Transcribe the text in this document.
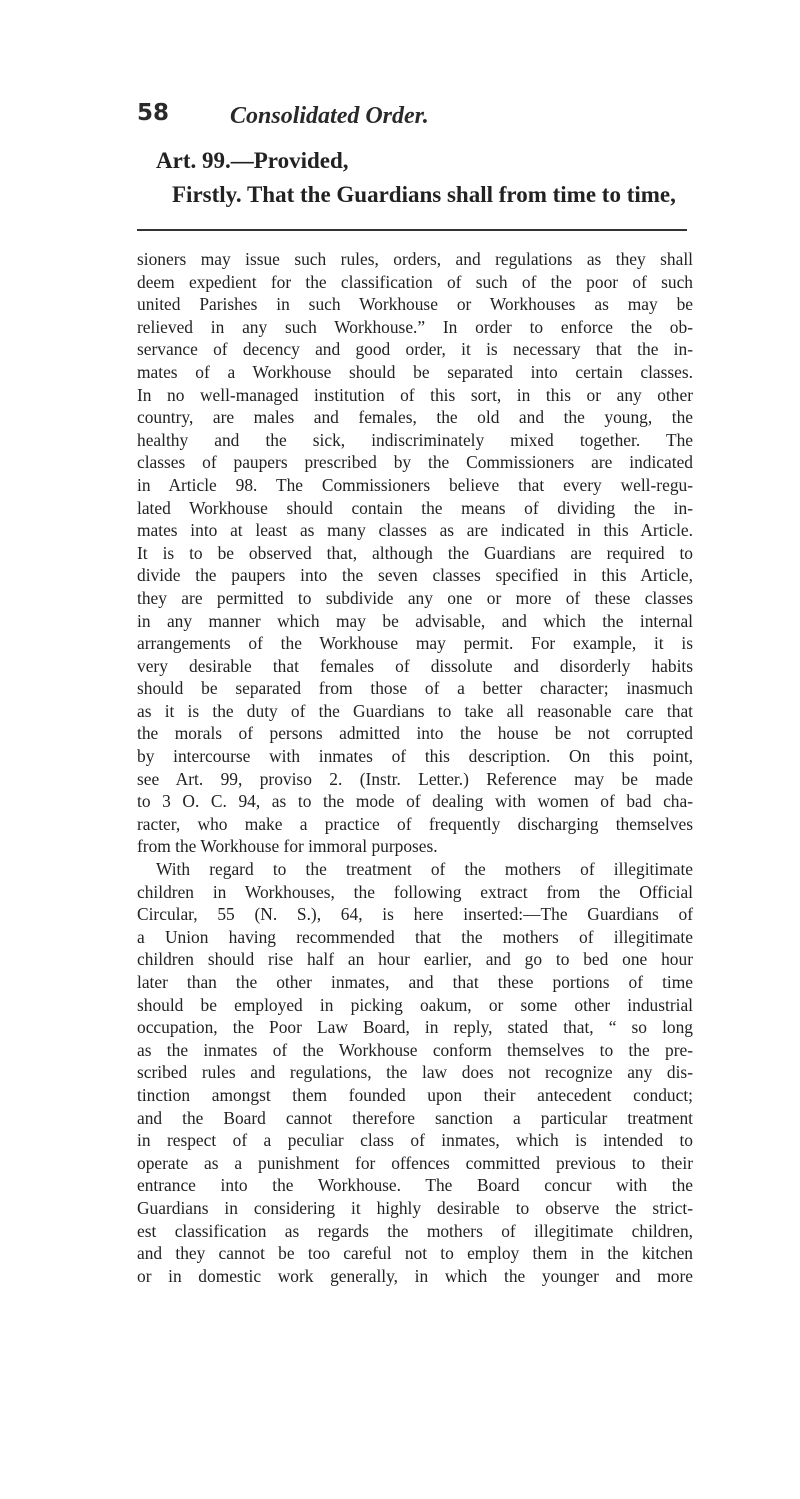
58	Consolidated Order.
Art. 99.—Provided,
Firstly. That the Guardians shall from time to time,
sioners may issue such rules, orders, and regulations as they shall
deem expedient for the classification of such of the poor of such
united Parishes in such Workhouse or Workhouses as may be
relieved in any such Workhouse.” In order to enforce the ob-
servance of decency and good order, it is necessary that the in-
mates of a Workhouse should be separated into certain classes.
In no well-managed institution of this sort, in this or any other
country, are males and females, the old and the young, the
healthy and the sick, indiscriminately mixed together. The
classes of paupers prescribed by the Commissioners are indicated
in Article 98. The Commissioners believe that every well-regu-
lated Workhouse should contain the means of dividing the in-
mates into at least as many classes as are indicated in this Article.
It is to be observed that, although the Guardians are required to
divide the paupers into the seven classes specified in this Article,
they are permitted to subdivide any one or more of these classes
in any manner which may be advisable, and which the internal
arrangements of the Workhouse may permit. For example, it is
very desirable that females of dissolute and disorderly habits
should be separated from those of a better character; inasmuch
as it is the duty of the Guardians to take all reasonable care that
the morals of persons admitted into the house be not corrupted
by intercourse with inmates of this description. On this point,
see Art. 99, proviso 2. (Instr. Letter.) Reference may be made
to 3 O. C. 94, as to the mode of dealing with women of bad cha-
racter, who make a practice of frequently discharging themselves
from the Workhouse for immoral purposes.
With regard to the treatment of the mothers of illegitimate
children in Workhouses, the following extract from the Official
Circular, 55 (N. S.), 64, is here inserted:—The Guardians of
a Union having recommended that the mothers of illegitimate
children should rise half an hour earlier, and go to bed one hour
later than the other inmates, and that these portions of time
should be employed in picking oakum, or some other industrial
occupation, the Poor Law Board, in reply, stated that, “ so long
as the inmates of the Workhouse conform themselves to the pre-
scribed rules and regulations, the law does not recognize any dis-
tinction amongst them founded upon their antecedent conduct;
and the Board cannot therefore sanction a particular treatment
in respect of a peculiar class of inmates, which is intended to
operate as a punishment for offences committed previous to their
entrance into the Workhouse. The Board concur with the
Guardians in considering it highly desirable to observe the strict-
est classification as regards the mothers of illegitimate children,
and they cannot be too careful not to employ them in the kitchen
or in domestic work generally, in which the younger and more
